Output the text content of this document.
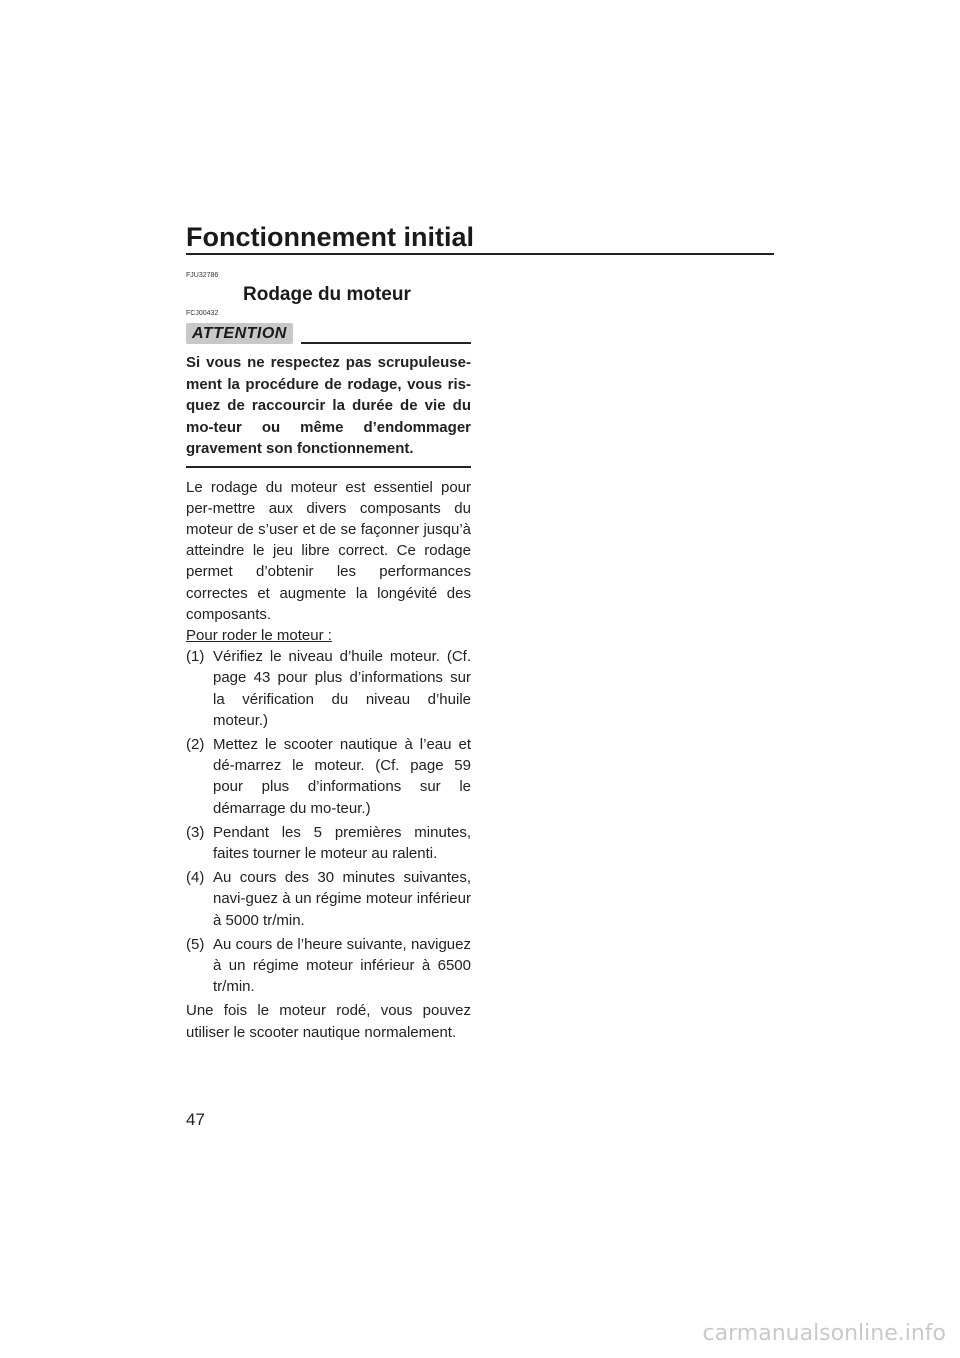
Fonctionnement initial
FJU32786
Rodage du moteur
FCJ00432
ATTENTION

Si vous ne respectez pas scrupuleuse-ment la procédure de rodage, vous ris-quez de raccourcir la durée de vie du mo-teur ou même d’endommager gravement son fonctionnement.

Le rodage du moteur est essentiel pour per-mettre aux divers composants du moteur de s’user et de se façonner jusqu’à atteindre le jeu libre correct. Ce rodage permet d’obtenir les performances correctes et augmente la longévité des composants.

Pour roder le moteur :

(1) Vérifiez le niveau d’huile moteur. (Cf. page 43 pour plus d’informations sur la vérification du niveau d’huile moteur.)
(2) Mettez le scooter nautique à l’eau et dé-marrez le moteur. (Cf. page 59 pour plus d’informations sur le démarrage du mo-teur.)
(3) Pendant les 5 premières minutes, faites tourner le moteur au ralenti.
(4) Au cours des 30 minutes suivantes, navi-guez à un régime moteur inférieur à 5000 tr/min.
(5) Au cours de l’heure suivante, naviguez à un régime moteur inférieur à 6500 tr/min.

Une fois le moteur rodé, vous pouvez utiliser le scooter nautique normalement.

47
carmanualsonline.info
